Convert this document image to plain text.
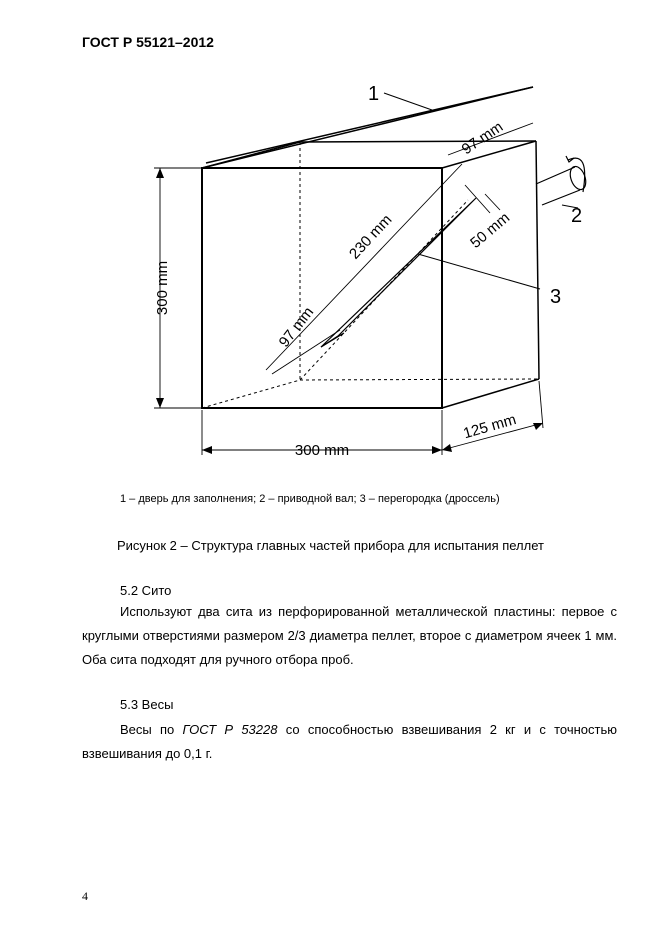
ГОСТ Р 55121–2012
1
2
3
300 mm
300 mm
125 mm
97 mm
230 mm	50 mm
97 mm
1 – дверь для заполнения; 2 – приводной вал; 3 – перегородка (дроссель)
Рисунок 2 – Структура главных частей прибора для испытания пеллет
5.2 Сито

Используют два сита из перфорированной металлической пластины: первое с круглыми отверстиями размером 2/3 диаметра пеллет, второе с диаметром ячеек 1 мм. Оба сита подходят для ручного отбора проб.

5.3 Весы

Весы по ГОСТ Р 53228 со способностью взвешивания 2 кг и с точностью взвешивания до 0,1 г.

4
